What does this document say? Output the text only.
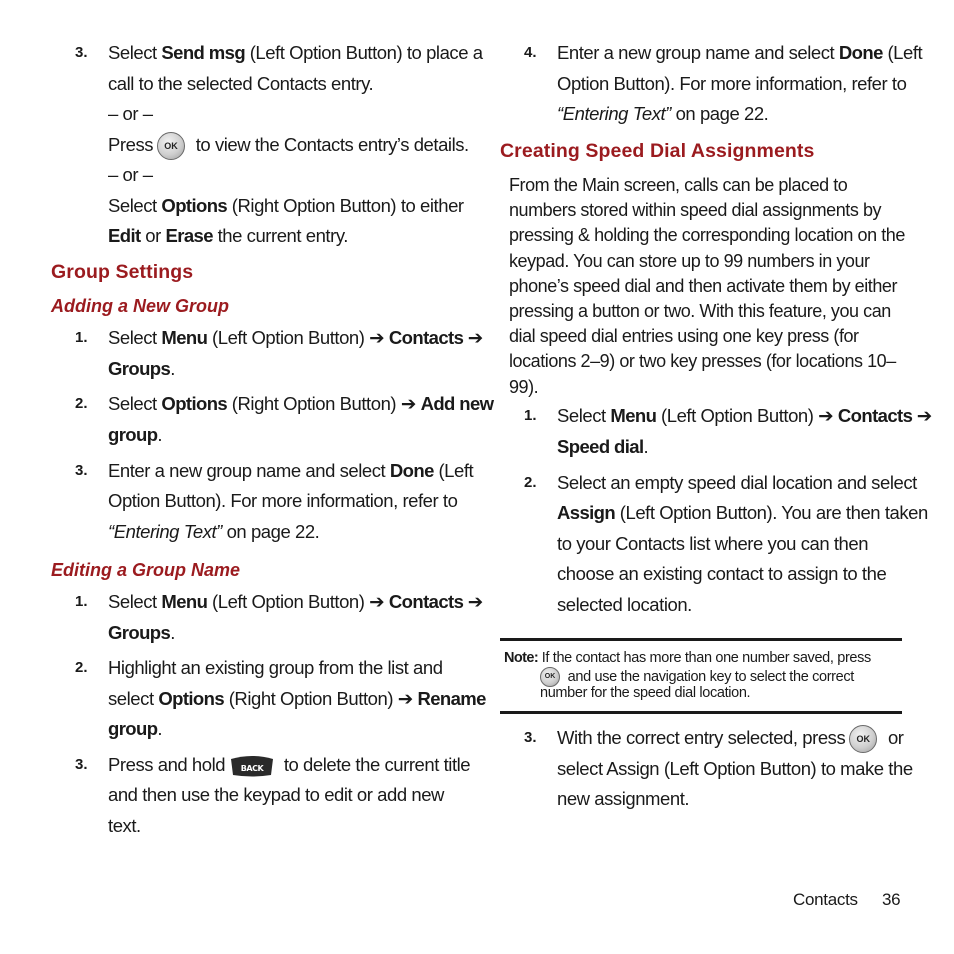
3. Select Send msg (Left Option Button) to place a
call to the selected Contacts entry.
– or –
Press OK to view the Contacts entry’s details.
– or –
Select Options (Right Option Button) to either
Edit or Erase the current entry.
Group Settings
Adding a New Group
1. Select Menu (Left Option Button) ➔ Contacts ➔
Groups.
2. Select Options (Right Option Button) ➔ Add new
group.
3. Enter a new group name and select Done (Left
Option Button). For more information, refer to
“Entering Text” on page 22.
Editing a Group Name
1. Select Menu (Left Option Button) ➔ Contacts ➔
Groups.
2. Highlight an existing group from the list and
select Options (Right Option Button) ➔ Rename
group.
3. Press and hold BACK to delete the current title
and then use the keypad to edit or add new
text.
4. Enter a new group name and select Done (Left
Option Button). For more information, refer to
“Entering Text” on page 22.
Creating Speed Dial Assignments
From the Main screen, calls can be placed to
numbers stored within speed dial assignments by
pressing & holding the corresponding location on the
keypad. You can store up to 99 numbers in your
phone’s speed dial and then activate them by either
pressing a button or two. With this feature, you can
dial speed dial entries using one key press (for
locations 2–9) or two key presses (for locations 10–
99).
1. Select Menu (Left Option Button) ➔ Contacts ➔
Speed dial.
2. Select an empty speed dial location and select
Assign (Left Option Button). You are then taken
to your Contacts list where you can then
choose an existing contact to assign to the
selected location.
Note: If the contact has more than one number saved, press
OK and use the navigation key to select the correct
number for the speed dial location.
3. With the correct entry selected, press OK or
select Assign (Left Option Button) to make the
new assignment.
Contacts 36
